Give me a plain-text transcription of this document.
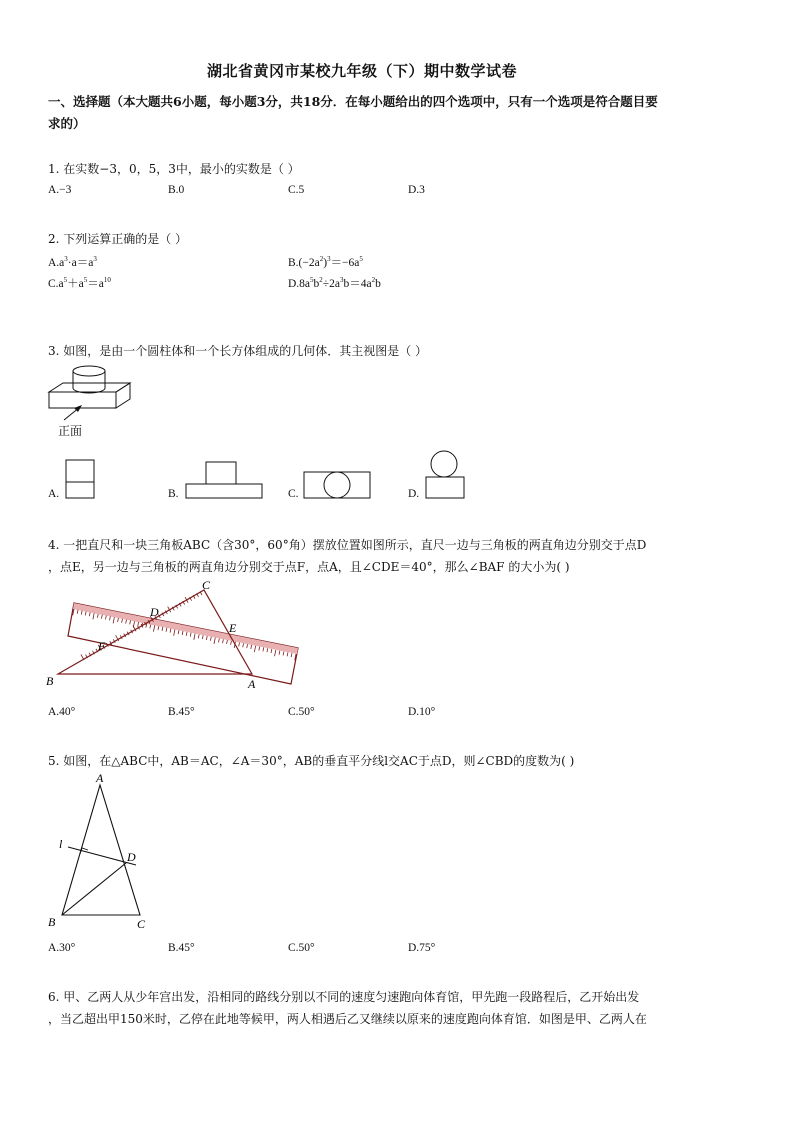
湖北省黄冈市某校九年级（下）期中数学试卷
一、选择题（本大题共6小题，每小题3分，共18分．在每小题给出的四个选项中，只有一个选项是符合题目要
求的）
1. 在实数−3，0，5，3中，最小的实数是（ ）
A.−3	B.0	C.5	D.3
2. 下列运算正确的是（ ）
$A.a^3\cdot a=a^3$	$B.(-2a^2)^3=-6a^5$
$C.a^5+a^5=a^{10}$	$D.8a^5b^2\div 2a^3b=4a^2b$
3. 如图，是由一个圆柱体和一个长方体组成的几何体．其主视图是（ ）
正面
A.	B.	C.	D.
4. 一把直尺和一块三角板ABC（含30°，60°角）摆放位置如图所示，直尺一边与三角板的两直角边分别交于点D
，点E，另一边与三角板的两直角边分别交于点F，点A，且∠CDE＝40°，那么∠BAF 的大小为( )
C
D
E
F
B	A
A.40°	B.45°	C.50°	D.10°
5. 如图，在△ABC中，AB＝AC，∠A＝30°，AB的垂直平分线l交AC于点D，则∠CBD的度数为( )
A
l
D
B	C
A.30°	B.45°	C.50°	D.75°
6. 甲、乙两人从少年宫出发，沿相同的路线分别以不同的速度匀速跑向体育馆，甲先跑一段路程后，乙开始出发
，当乙超出甲150米时，乙停在此地等候甲，两人相遇后乙又继续以原来的速度跑向体育馆．如图是甲、乙两人在
